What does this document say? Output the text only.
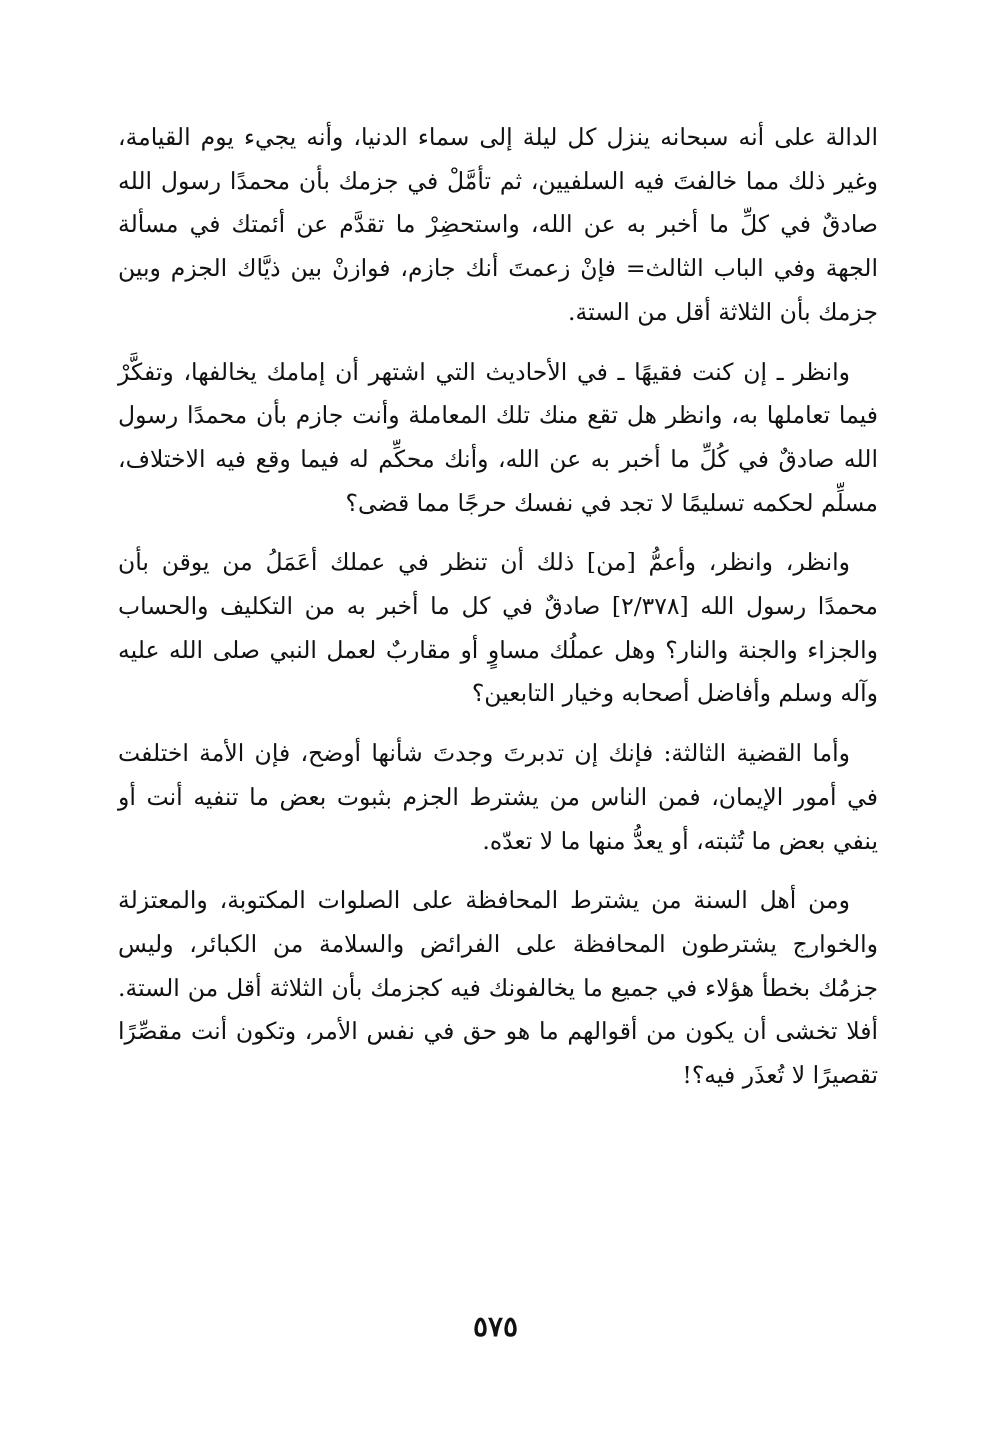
الدالة على أنه سبحانه ينزل كل ليلة إلى سماء الدنيا، وأنه يجيء يوم القيامة، وغير ذلك مما خالفتَ فيه السلفيين، ثم تأمَّلْ في جزمك بأن محمدًا رسول الله صادقٌ في كلِّ ما أخبر به عن الله، واستحضِرْ ما تقدَّم عن أئمتك في مسألة الجهة وفي الباب الثالث= فإنْ زعمتَ أنك جازم، فوازنْ بين ذيَّاك الجزم وبين جزمك بأن الثلاثة أقل من الستة.

وانظر ـ إن كنت فقيهًا ـ في الأحاديث التي اشتهر أن إمامك يخالفها، وتفكَّرْ فيما تعاملها به، وانظر هل تقع منك تلك المعاملة وأنت جازم بأن محمدًا رسول الله صادقٌ في كُلِّ ما أخبر به عن الله، وأنك محكِّم له فيما وقع فيه الاختلاف، مسلِّم لحكمه تسليمًا لا تجد في نفسك حرجًا مما قضى؟

وانظر، وانظر، وأعمُّ [من] ذلك أن تنظر في عملك أعَمَلُ من يوقن بأن محمدًا رسول الله [٢/٣٧٨] صادقٌ في كل ما أخبر به من التكليف والحساب والجزاء والجنة والنار؟ وهل عملُك مساوٍ أو مقاربٌ لعمل النبي صلى الله عليه وآله وسلم وأفاضل أصحابه وخيار التابعين؟

وأما القضية الثالثة: فإنك إن تدبرتَ وجدتَ شأنها أوضح، فإن الأمة اختلفت في أمور الإيمان، فمن الناس من يشترط الجزم بثبوت بعض ما تنفيه أنت أو ينفي بعض ما تُثبته، أو يعدُّ منها ما لا تعدّه.

ومن أهل السنة من يشترط المحافظة على الصلوات المكتوبة، والمعتزلة والخوارج يشترطون المحافظة على الفرائض والسلامة من الكبائر، وليس جزمُك بخطأ هؤلاء في جميع ما يخالفونك فيه كجزمك بأن الثلاثة أقل من الستة. أفلا تخشى أن يكون من أقوالهم ما هو حق في نفس الأمر، وتكون أنت مقصِّرًا تقصيرًا لا تُعذَر فيه؟!

٥٧٥
